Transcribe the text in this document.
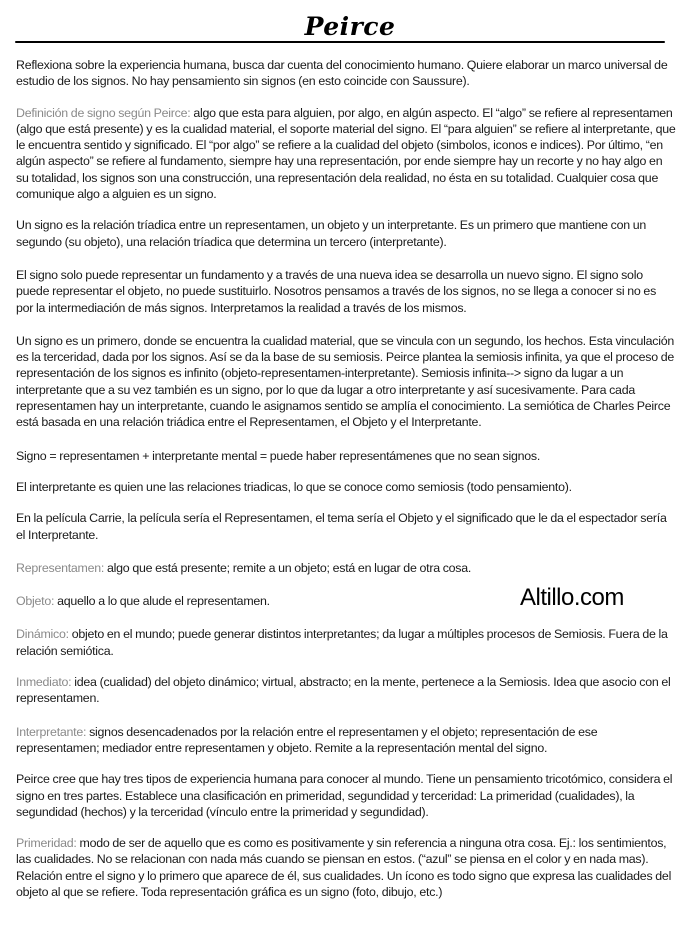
Peirce
Altillo.com

Reflexiona sobre la experiencia humana, busca dar cuenta del conocimiento humano. Quiere elaborar un marco universal de estudio de los signos. No hay pensamiento sin signos (en esto coincide con Saussure).

Definición de signo según Peirce: algo que esta para alguien, por algo, en algún aspecto. El “algo” se refiere al representamen (algo que está presente) y es la cualidad material, el soporte material del signo. El “para alguien” se refiere al interpretante, que le encuentra sentido y significado. El “por algo” se refiere a la cualidad del objeto (simbolos, iconos e indices). Por último, “en algún aspecto” se refiere al fundamento, siempre hay una representación, por ende siempre hay un recorte y no hay algo en su totalidad, los signos son una construcción, una representación dela realidad, no ésta en su totalidad. Cualquier cosa que comunique algo a alguien es un signo.

Un signo es la relación tríadica entre un representamen, un objeto y un interpretante. Es un primero que mantiene con un segundo (su objeto), una relación tríadica que determina un tercero (interpretante).

El signo solo puede representar un fundamento y a través de una nueva idea se desarrolla un nuevo signo. El signo solo puede representar el objeto, no puede sustituirlo. Nosotros pensamos a través de los signos, no se llega a conocer si no es por la intermediación de más signos. Interpretamos la realidad a través de los mismos.

Un signo es un primero, donde se encuentra la cualidad material, que se vincula con un segundo, los hechos. Esta vinculación es la terceridad, dada por los signos. Así se da la base de su semiosis. Peirce plantea la semiosis infinita, ya que el proceso de representación de los signos es infinito (objeto-representamen-interpretante). Semiosis infinita--> signo da lugar a un interpretante que a su vez también es un signo, por lo que da lugar a otro interpretante y así sucesivamente. Para cada representamen hay un interpretante, cuando le asignamos sentido se amplía el conocimiento. La semiótica de Charles Peirce está basada en una relación triádica entre el Representamen, el Objeto y el Interpretante.

Signo = representamen + interpretante mental = puede haber representámenes que no sean signos.

El interpretante es quien une las relaciones triadicas, lo que se conoce como semiosis (todo pensamiento).

En la película Carrie, la película sería el Representamen, el tema sería el Objeto y el significado que le da el espectador sería el Interpretante.

Representamen: algo que está presente; remite a un objeto; está en lugar de otra cosa.

Objeto: aquello a lo que alude el representamen.

Dinámico: objeto en el mundo; puede generar distintos interpretantes; da lugar a múltiples procesos de Semiosis. Fuera de la relación semiótica.

Inmediato: idea (cualidad) del objeto dinámico; virtual, abstracto; en la mente, pertenece a la Semiosis. Idea que asocio con el representamen.

Interpretante: signos desencadenados por la relación entre el representamen y el objeto; representación de ese representamen; mediador entre representamen y objeto. Remite a la representación mental del signo.

Peirce cree que hay tres tipos de experiencia humana para conocer al mundo. Tiene un pensamiento tricotómico, considera el signo en tres partes. Establece una clasificación en primeridad, segundidad y terceridad: La primeridad (cualidades), la segundidad (hechos) y la terceridad (vínculo entre la primeridad y segundidad).

Primeridad: modo de ser de aquello que es como es positivamente y sin referencia a ninguna otra cosa. Ej.: los sentimientos, las cualidades. No se relacionan con nada más cuando se piensan en estos. (“azul” se piensa en el color y en nada mas). Relación entre el signo y lo primero que aparece de él, sus cualidades. Un ícono es todo signo que expresa las cualidades del objeto al que se refiere. Toda representación gráfica es un signo (foto, dibujo, etc.)
